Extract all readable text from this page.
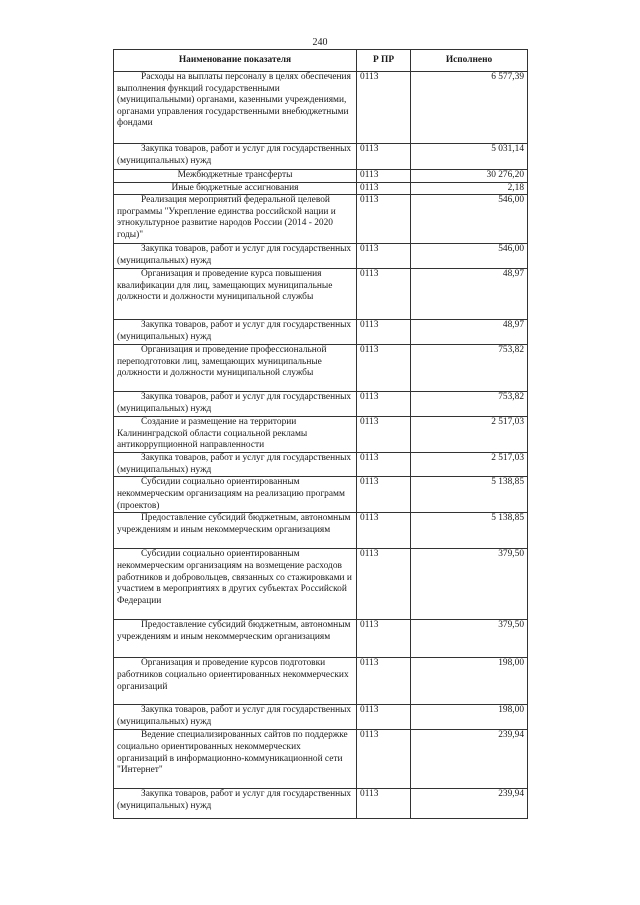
240
Наименование показателя	Р ПР	Исполнено
Расходы на выплаты персоналу в целях обеспечения выполнения функций государственными (муниципальными) органами, казенными учреждениями, органами управления государственными внебюджетными фондами	0113	6 577,39
Закупка товаров, работ и услуг для государственных (муниципальных) нужд	0113	5 031,14
Межбюджетные трансферты	0113	30 276,20
Иные бюджетные ассигнования	0113	2,18
Реализация мероприятий федеральной целевой программы "Укрепление единства российской нации и этнокультурное развитие народов России (2014 - 2020 годы)"	0113	546,00
Закупка товаров, работ и услуг для государственных (муниципальных) нужд	0113	546,00
Организация и проведение курса повышения квалификации для лиц, замещающих муниципальные должности и должности муниципальной службы	0113	48,97
Закупка товаров, работ и услуг для государственных (муниципальных) нужд	0113	48,97
Организация и проведение профессиональной переподготовки лиц, замещающих муниципальные должности и должности муниципальной службы	0113	753,82
Закупка товаров, работ и услуг для государственных (муниципальных) нужд	0113	753,82
Создание и размещение на территории Калининградской области социальной рекламы антикоррупционной направленности	0113	2 517,03
Закупка товаров, работ и услуг для государственных (муниципальных) нужд	0113	2 517,03
Субсидии социально ориентированным некоммерческим организациям на реализацию программ (проектов)	0113	5 138,85
Предоставление субсидий бюджетным, автономным учреждениям и иным некоммерческим организациям	0113	5 138,85
Субсидии социально ориентированным некоммерческим организациям на возмещение расходов работников и добровольцев, связанных со стажировками и участием в мероприятиях в других субъектах Российской Федерации	0113	379,50
Предоставление субсидий бюджетным, автономным учреждениям и иным некоммерческим организациям	0113	379,50
Организация и проведение курсов подготовки работников социально ориентированных некоммерческих организаций	0113	198,00
Закупка товаров, работ и услуг для государственных (муниципальных) нужд	0113	198,00
Ведение специализированных сайтов по поддержке социально ориентированных некоммерческих организаций в информационно-коммуникационной сети "Интернет"	0113	239,94
Закупка товаров, работ и услуг для государственных (муниципальных) нужд	0113	239,94
